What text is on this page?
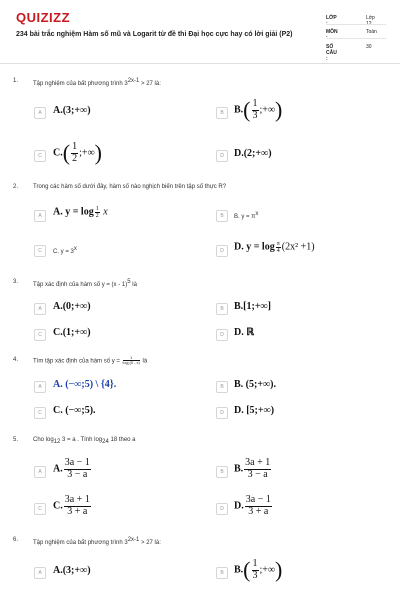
QUIZIZZ
234 bài trắc nghiệm Hàm số mũ và Logarit từ đề thi Đại học cực hay có lời giải (P2)
LỚP :
Lớp 12
MÔN :
Toán
SỐ CÂU :
30
1. Tập nghiệm của bất phương trình 32x-1 > 27 là:
A	A.(3;+∞)	B	$B.( \frac{1}{3}$ ;+∞)
C	$C.( \frac{1}{2}$ ;+∞)	D	D.(2;+∞)
2. Trong các hàm số dưới đây, hàm số nào nghịch biến trên tập số thực R?
A	A. $y = \log \frac{1}{2}$ x	B	B. y = πx
C	C. y = 3x	D	D. $y = \log \frac{\pi}{4} (2x^2 +1)$
3. Tập xác định của hàm số y = (x - 1)5 là
A	A.(0;+∞)	B	B.[1;+∞]
C	C.(1;+∞)	D	D. ℝ
4. Tìm tập xác định của hàm số $y = \frac{1}{\text{log₂(5 - x)}}$ là
A	A. (−∞;5) \ {4}.	B	B. (5;+∞).
C	C. (−∞;5).	D	D. [5;+∞)
5. Cho log12 3 = a . Tính log24 18 theo a
A	A. $\frac{3a - 1}{3 - a}$	B	B. $\frac{3a + 1}{3 - a}$
C	C. $\frac{3a + 1}{3 + a}$	D	D. $\frac{3a - 1}{3 + a}$
6. Tập nghiệm của bất phương trình 32x-1 > 27 là:
A	A.(3;+∞)	B	$B.( \frac{1}{3}$ ;+∞)
